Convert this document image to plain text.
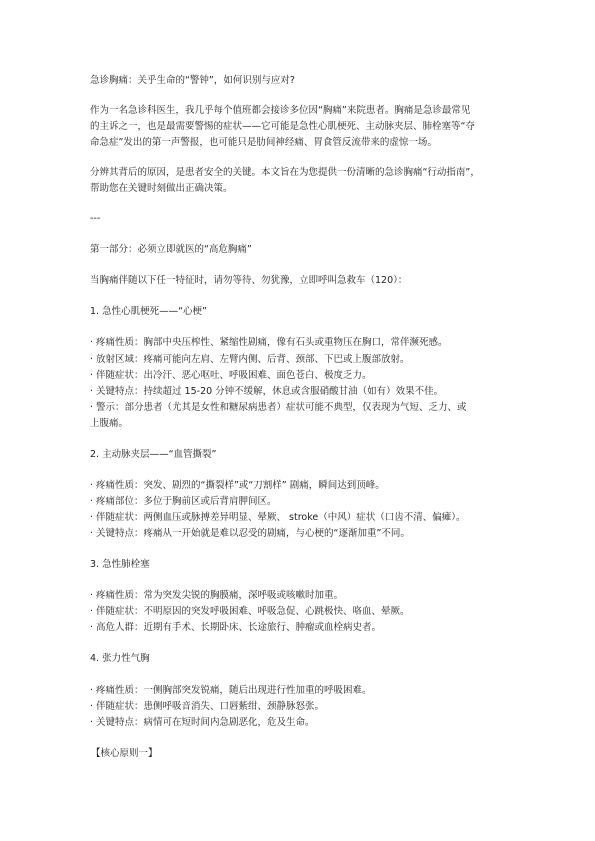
急诊胸痛：关乎生命的“警钟”，如何识别与应对?
作为一名急诊科医生，我几乎每个值班都会接诊多位因“胸痛”来院患者。胸痛是急诊最常见
的主诉之一，也是最需要警惕的症状——它可能是急性心肌梗死、主动脉夹层、肺栓塞等“夺
命急症”发出的第一声警报，也可能只是肋间神经痛、胃食管反流带来的虚惊一场。
分辨其背后的原因，是患者安全的关键。本文旨在为您提供一份清晰的急诊胸痛“行动指南”，
帮助您在关键时刻做出正确决策。
---
第一部分：必须立即就医的“高危胸痛”
当胸痛伴随以下任一特征时，请勿等待、勿犹豫，立即呼叫急救车（120）：
1. 急性心肌梗死——“心梗”
· 疼痛性质：胸部中央压榨性、紧缩性剧痛，像有石头或重物压在胸口，常伴濒死感。
· 放射区域：疼痛可能向左肩、左臂内侧、后背、颈部、下巴或上腹部放射。
· 伴随症状：出冷汗、恶心呕吐、呼吸困难、面色苍白、极度乏力。
· 关键特点：持续超过 15-20 分钟不缓解，休息或含服硝酸甘油（如有）效果不佳。
· 警示：部分患者（尤其是女性和糖尿病患者）症状可能不典型，仅表现为气短、乏力、或
上腹痛。
2. 主动脉夹层——“血管撕裂”
· 疼痛性质：突发、剧烈的“撕裂样”或“刀割样” 剧痛，瞬间达到顶峰。
· 疼痛部位：多位于胸前区或后背肩胛间区。
· 伴随症状：两侧血压或脉搏差异明显、晕厥、 stroke（中风）症状（口齿不清、偏瘫）。
· 关键特点：疼痛从一开始就是难以忍受的剧痛，与心梗的“逐渐加重”不同。
3. 急性肺栓塞
· 疼痛性质：常为突发尖锐的胸膜痛，深呼吸或咳嗽时加重。
· 伴随症状：不明原因的突发呼吸困难、呼吸急促、心跳极快、咯血、晕厥。
· 高危人群：近期有手术、长期卧床、长途旅行、肿瘤或血栓病史者。
4. 张力性气胸
· 疼痛性质：一侧胸部突发锐痛，随后出现进行性加重的呼吸困难。
· 伴随症状：患侧呼吸音消失、口唇紫绀、颈静脉怒张。
· 关键特点：病情可在短时间内急剧恶化，危及生命。
【核心原则一】
